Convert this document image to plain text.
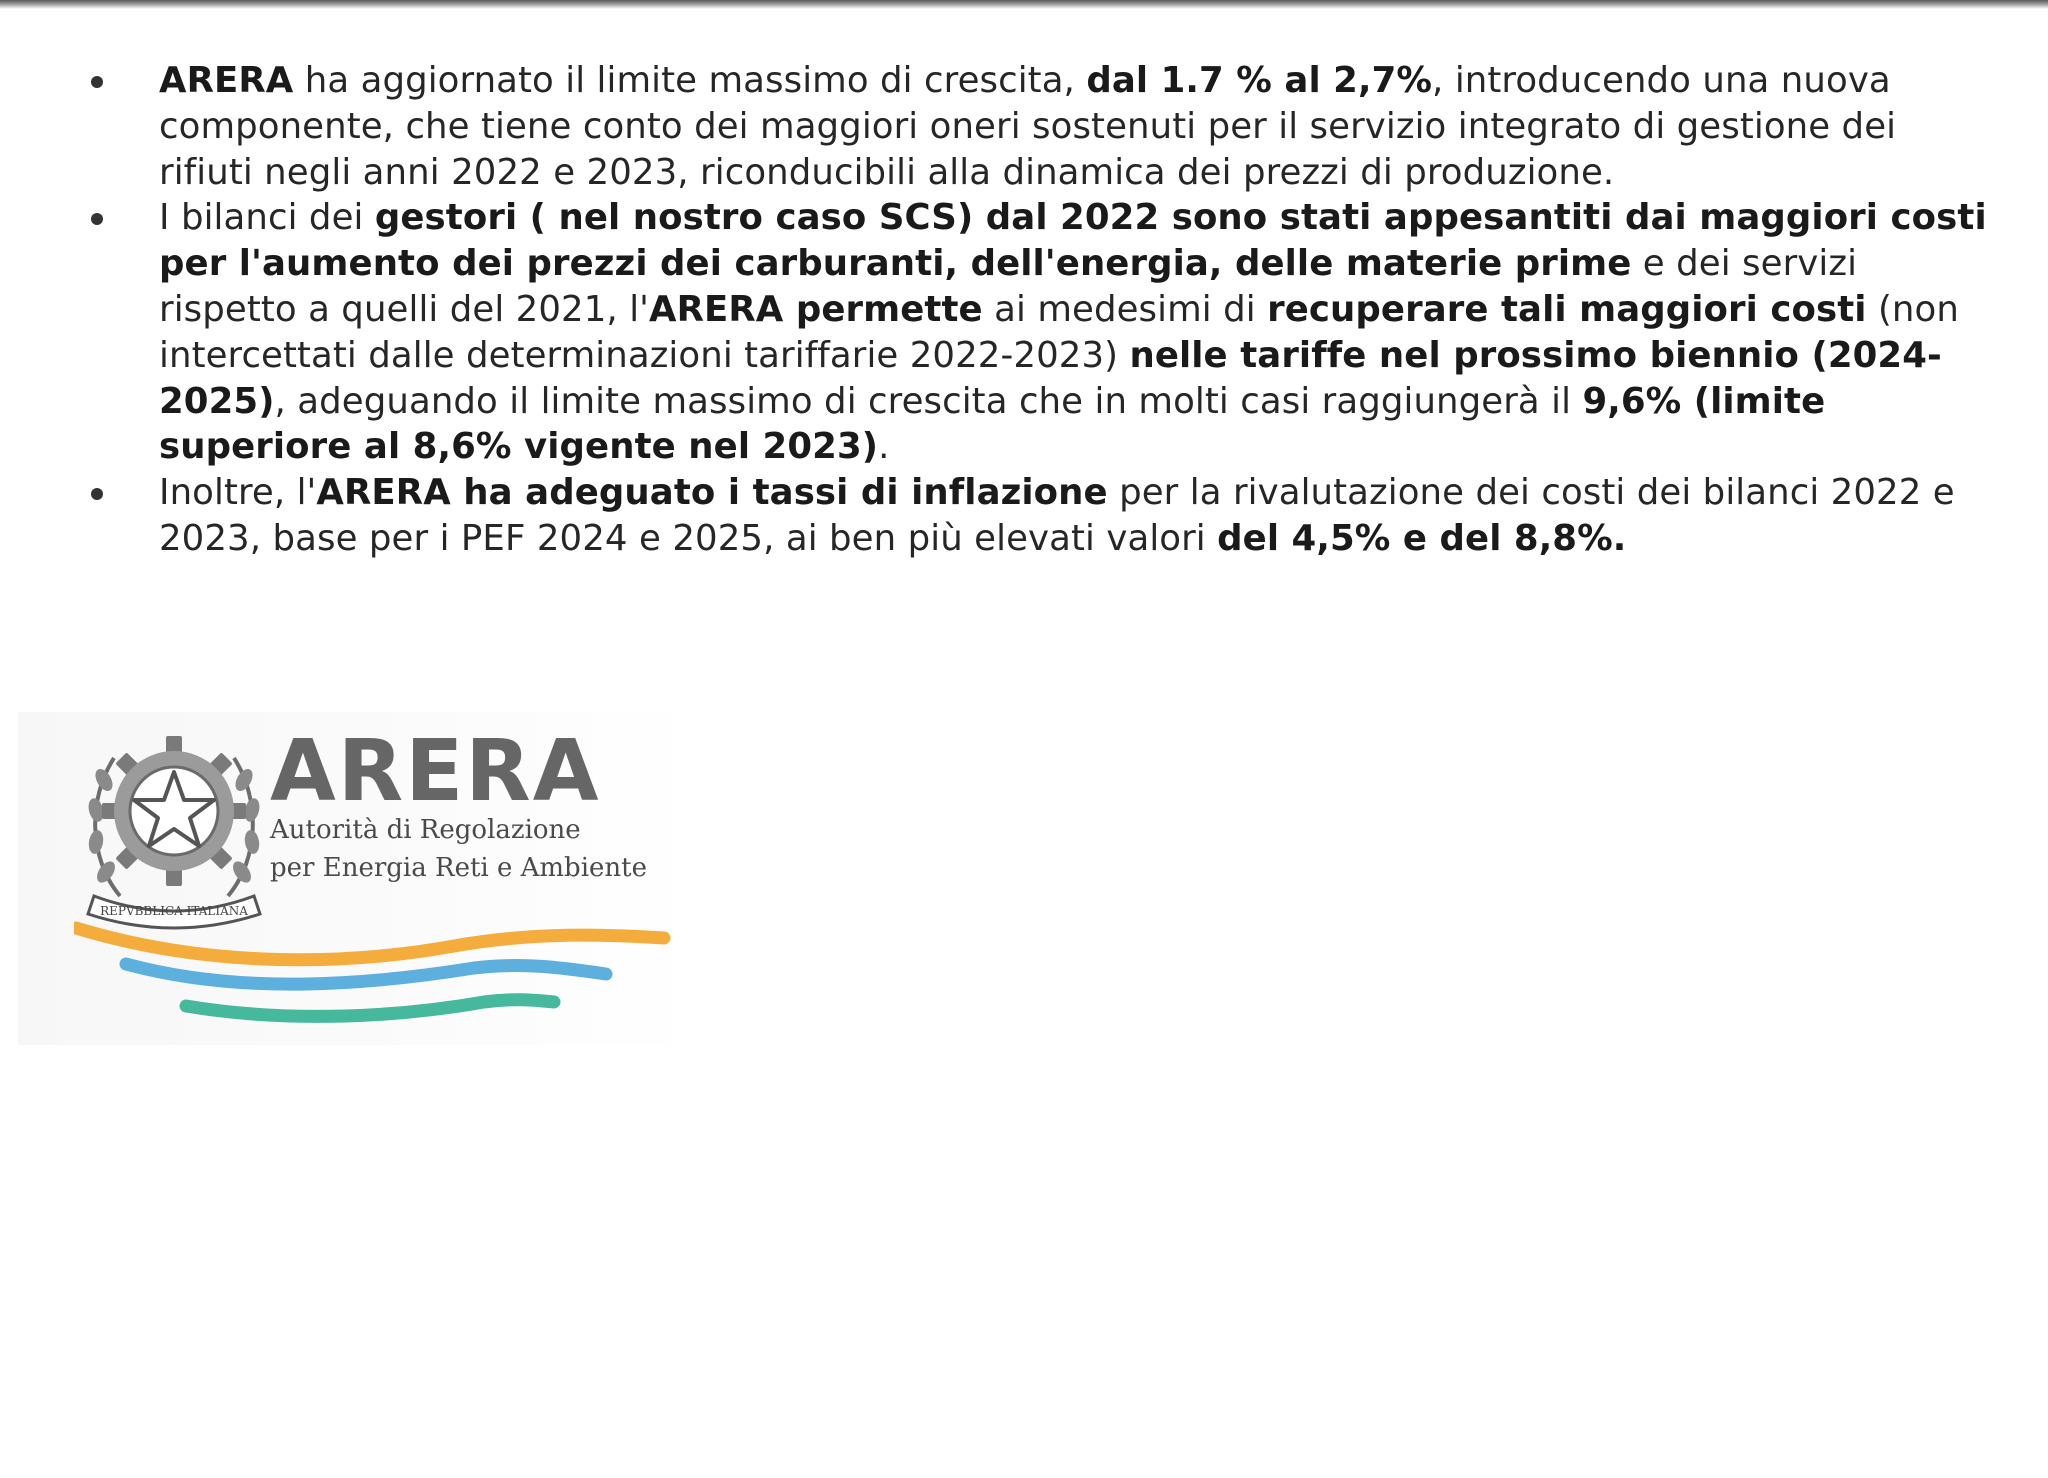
ARERA ha aggiornato il limite massimo di crescita, dal 1.7 % al 2,7%, introducendo una nuova componente, che tiene conto dei maggiori oneri sostenuti per il servizio integrato di gestione dei rifiuti negli anni 2022 e 2023, riconducibili alla dinamica dei prezzi di produzione.
I bilanci dei gestori ( nel nostro caso SCS) dal 2022 sono stati appesantiti dai maggiori costi per l'aumento dei prezzi dei carburanti, dell'energia, delle materie prime e dei servizi rispetto a quelli del 2021, l'ARERA permette ai medesimi di recuperare tali maggiori costi (non intercettati dalle determinazioni tariffarie 2022-2023) nelle tariffe nel prossimo biennio (2024-2025), adeguando il limite massimo di crescita che in molti casi raggiungerà il 9,6% (limite superiore al 8,6% vigente nel 2023).
Inoltre, l'ARERA ha adeguato i tassi di inflazione per la rivalutazione dei costi dei bilanci 2022 e 2023, base per i PEF 2024 e 2025, ai ben più elevati valori del 4,5% e del 8,8%.
REPVBBLICA ITALIANA
ARERA
Autorità di Regolazione
per Energia Reti e Ambiente
